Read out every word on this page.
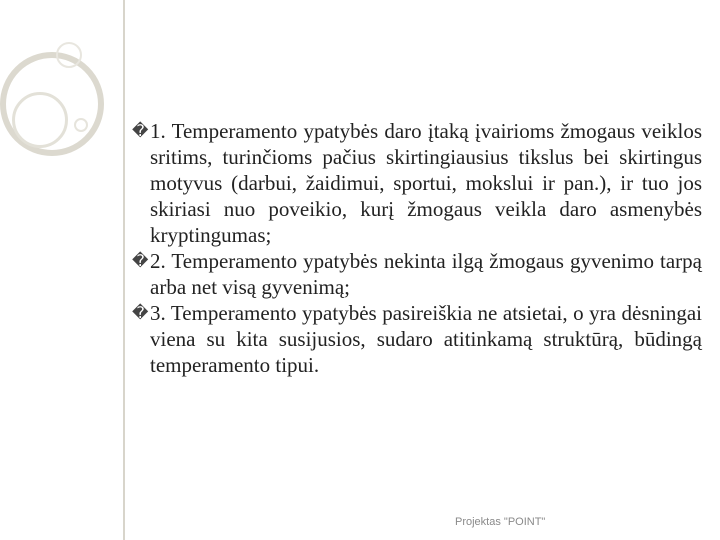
� 1. Temperamento ypatybės daro įtaką įvairioms žmogaus veiklos sritims, turinčioms pačius skirtingiausius tikslus bei skirtingus motyvus (darbui, žaidimui, sportui, mokslui ir pan.), ir tuo jos skiriasi nuo poveikio, kurį žmogaus veikla daro asmenybės kryptingumas;
� 2. Temperamento ypatybės nekinta ilgą žmogaus gyvenimo tarpą arba net visą gyvenimą;
� 3. Temperamento ypatybės pasireiškia ne atsietai, o yra dėsningai viena su kita susijusios, sudaro atitinkamą struktūrą, būdingą temperamento tipui.
Projektas "POINT"
